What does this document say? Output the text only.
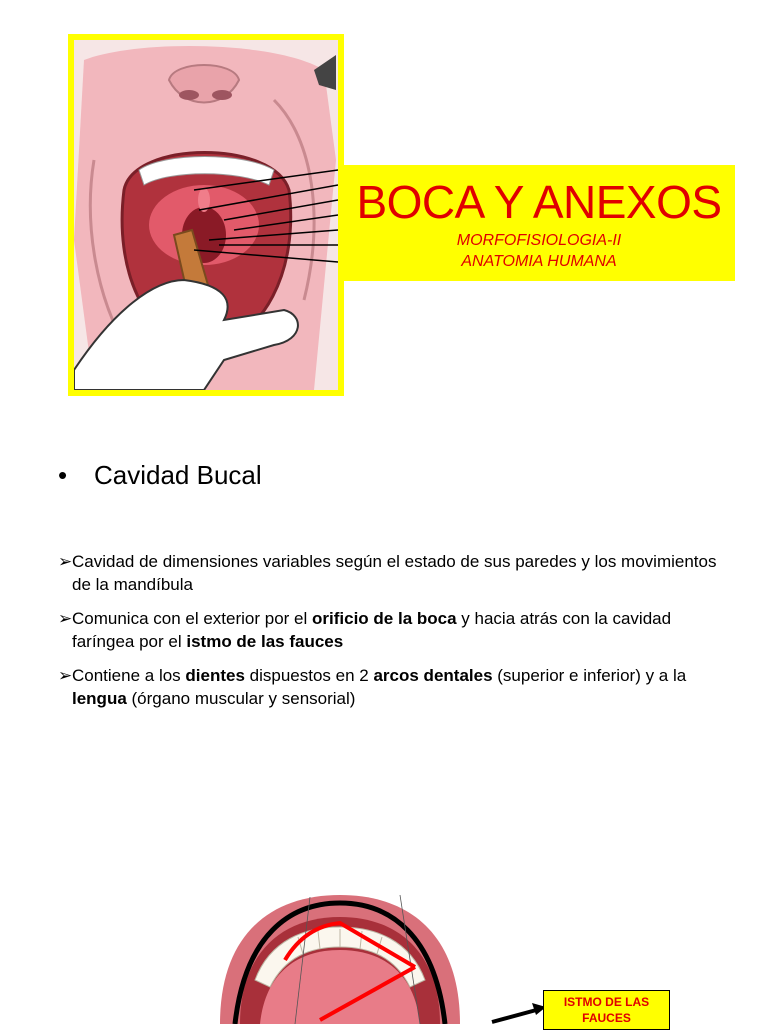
BOCA Y ANEXOS
MORFOFISIOLOGIA-II
ANATOMIA HUMANA
• Cavidad Bucal
➢ Cavidad de dimensiones variables según el estado de sus paredes y los movimientos de la mandíbula
➢ Comunica con el exterior por el orificio de la boca y hacia atrás con la cavidad faríngea por el istmo de las fauces
➢ Contiene a los dientes dispuestos en 2 arcos dentales (superior e inferior) y a la lengua (órgano muscular y sensorial)
ISTMO DE LAS
FAUCES
